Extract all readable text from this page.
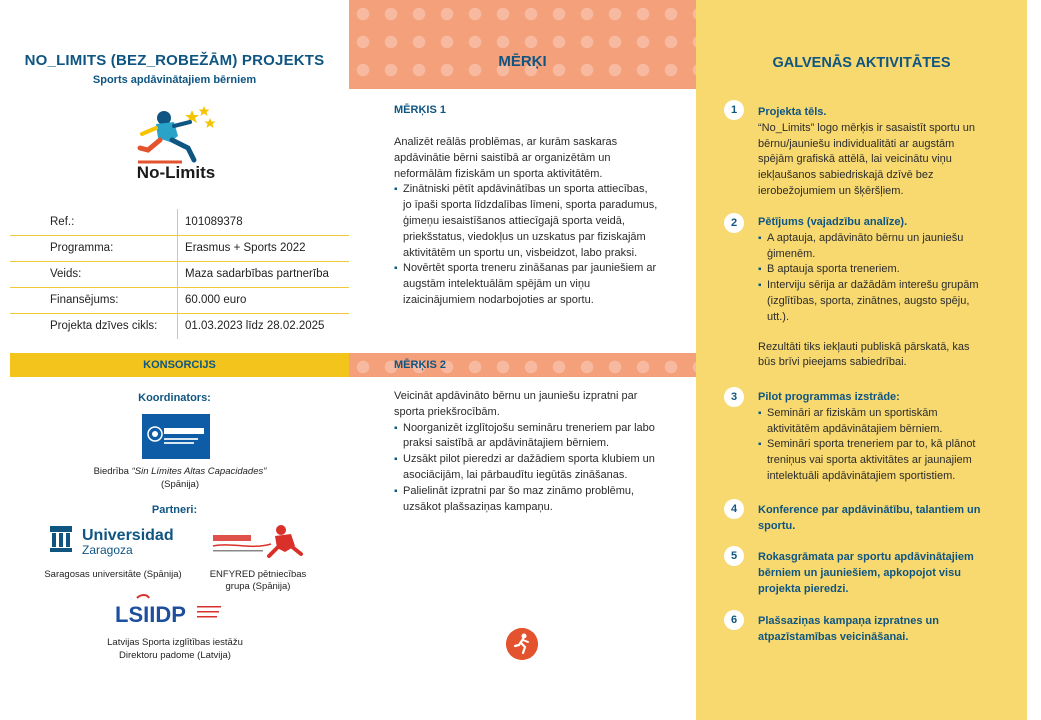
NO_LIMITS (BEZ_ROBEŽĀM) PROJEKTS
Sports apdāvinātajiem bērniem
No-Limits
Ref.:	101089378
Programma:	Erasmus + Sports 2022
Veids:	Maza sadarbības partnerība
Finansējums:	60.000 euro
Projekta dzīves cikls:	01.03.2023 līdz 28.02.2025
KONSORCIJS
Koordinators:
Biedrība “Sin Límites Altas Capacidades”
(Spānija)
Partneri:
Universidad
Zaragoza
Saragosas universitāte (Spānija)	ENFYRED pētniecības
grupa (Spānija)
LSIIDP
Latvijas Sporta izglītības iestāžu
Direktoru padome (Latvija)
MĒRĶI
MĒRĶIS 1

Analizēt reālās problēmas, ar kurām saskaras apdāvinātie bērni saistībā ar organizētām un neformālām fiziskām un sporta aktivitātēm.

▪ Zinātniski pētīt apdāvinātības un sporta attiecības, jo īpaši sporta līdzdalības līmeni, sporta paradumus, ģimeņu iesaistīšanos attiecīgajā sporta veidā, priekšstatus, viedokļus un uzskatus par fiziskajām aktivitātēm un sportu un, visbeidzot, labo praksi.
▪ Novērtēt sporta treneru zināšanas par jauniešiem ar augstām intelektuālām spējām un viņu izaicinājumiem nodarbojoties ar sportu.
MĒRĶIS 2

Veicināt apdāvināto bērnu un jauniešu izpratni par sporta priekšrocībām.

▪ Noorganizēt izglītojošu semināru treneriem par labo praksi saistībā ar apdāvinātajiem bērniem.
▪ Uzsākt pilot pieredzi ar dažādiem sporta klubiem un asociācijām, lai pārbaudītu iegūtās zināšanas.
▪ Palielināt izpratni par šo maz zināmo problēmu, uzsākot plašsaziņas kampaņu.
GALVENĀS AKTIVITĀTES
1	Projekta tēls.
“No_Limits” logo mērķis ir sasaistīt sportu un bērnu/jauniešu individualitāti ar augstām spējām grafiskā attēlā, lai veicinātu viņu iekļaušanos sabiedriskajā dzīvē bez ierobežojumiem un šķēršļiem.
2	Pētījums (vajadzību analīze).
▪ A aptauja, apdāvināto bērnu un jauniešu ģimenēm.
▪ B aptauja sporta treneriem.
▪ Interviju sērija ar dažādām interešu grupām (izglītības, sporta, zinātnes, augsto spēju, utt.).
Rezultāti tiks iekļauti publiskā pārskatā, kas būs brīvi pieejams sabiedrībai.
3	Pilot programmas izstrāde:
▪ Semināri ar fiziskām un sportiskām aktivitātēm apdāvinātajiem bērniem.
▪ Semināri sporta treneriem par to, kā plānot treniņus vai sporta aktivitātes ar jaunajiem intelektuāli apdāvinātajiem sportistiem.
4	Konference par apdāvinātību, talantiem un sportu.
5	Rokasgrāmata par sportu apdāvinātajiem bērniem un jauniešiem, apkopojot visu projekta pieredzi.
6	Plašsaziņas kampaņa izpratnes un atpazīstamības veicināšanai.
